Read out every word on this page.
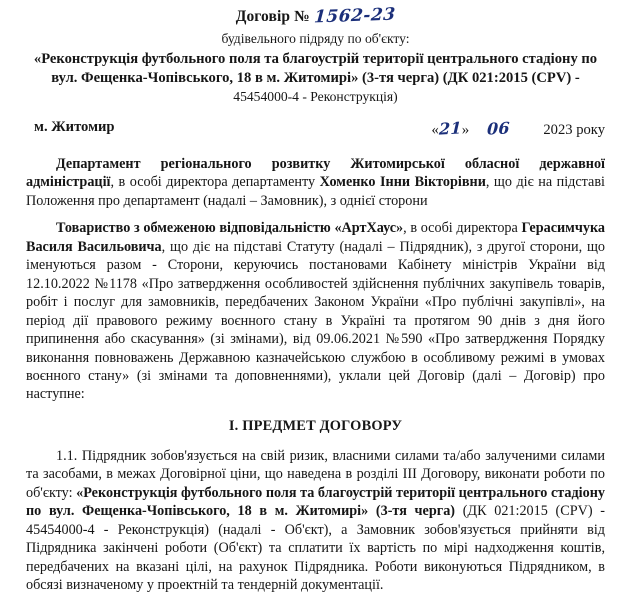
Договір № 1562-23
будівельного підряду по об'єкту:
«Реконструкція футбольного поля та благоустрій території центрального стадіону по
вул. Фещенка-Чопівського, 18 в м. Житомирі» (3-тя черга) (ДК 021:2015 (CPV) -
45454000-4 - Реконструкція)
м. Житомир	«21» 06 2023 року

Департамент регіонального розвитку Житомирської обласної державної адміністрації, в особі директора департаменту Хоменко Інни Вікторівни, що діє на підставі Положення про департамент (надалі – Замовник), з однієї сторони

Товариство з обмеженою відповідальністю «АртХаус», в особі директора Герасимчука Василя Васильовича, що діє на підставі Статуту (надалі – Підрядник), з другої сторони, що іменуються разом - Сторони, керуючись постановами Кабінету міністрів України від 12.10.2022 №1178 «Про затвердження особливостей здійснення публічних закупівель товарів, робіт і послуг для замовників, передбачених Законом України «Про публічні закупівлі», на період дії правового режиму воєнного стану в Україні та протягом 90 днів з дня його припинення або скасування» (зі змінами), від 09.06.2021 №590 «Про затвердження Порядку виконання повноважень Державною казначейською службою в особливому режимі в умовах воєнного стану» (зі змінами та доповненнями), уклали цей Договір (далі – Договір) про наступне:

I. ПРЕДМЕТ ДОГОВОРУ

1.1. Підрядник зобов'язується на свій ризик, власними силами та/або залученими силами та засобами, в межах Договірної ціни, що наведена в розділі ІІІ Договору, виконати роботи по об'єкту: «Реконструкція футбольного поля та благоустрій території центрального стадіону по вул. Фещенка-Чопівського, 18 в м. Житомирі» (3-тя черга) (ДК 021:2015 (CPV) - 45454000-4 - Реконструкція) (надалі - Об'єкт), а Замовник зобов'язується прийняти від Підрядника закінчені роботи (Об'єкт) та сплатити їх вартість по мірі надходження коштів, передбачених на вказані цілі, на рахунок Підрядника. Роботи виконуються Підрядником, в обсязі визначеному у проектній та тендерній документації.
